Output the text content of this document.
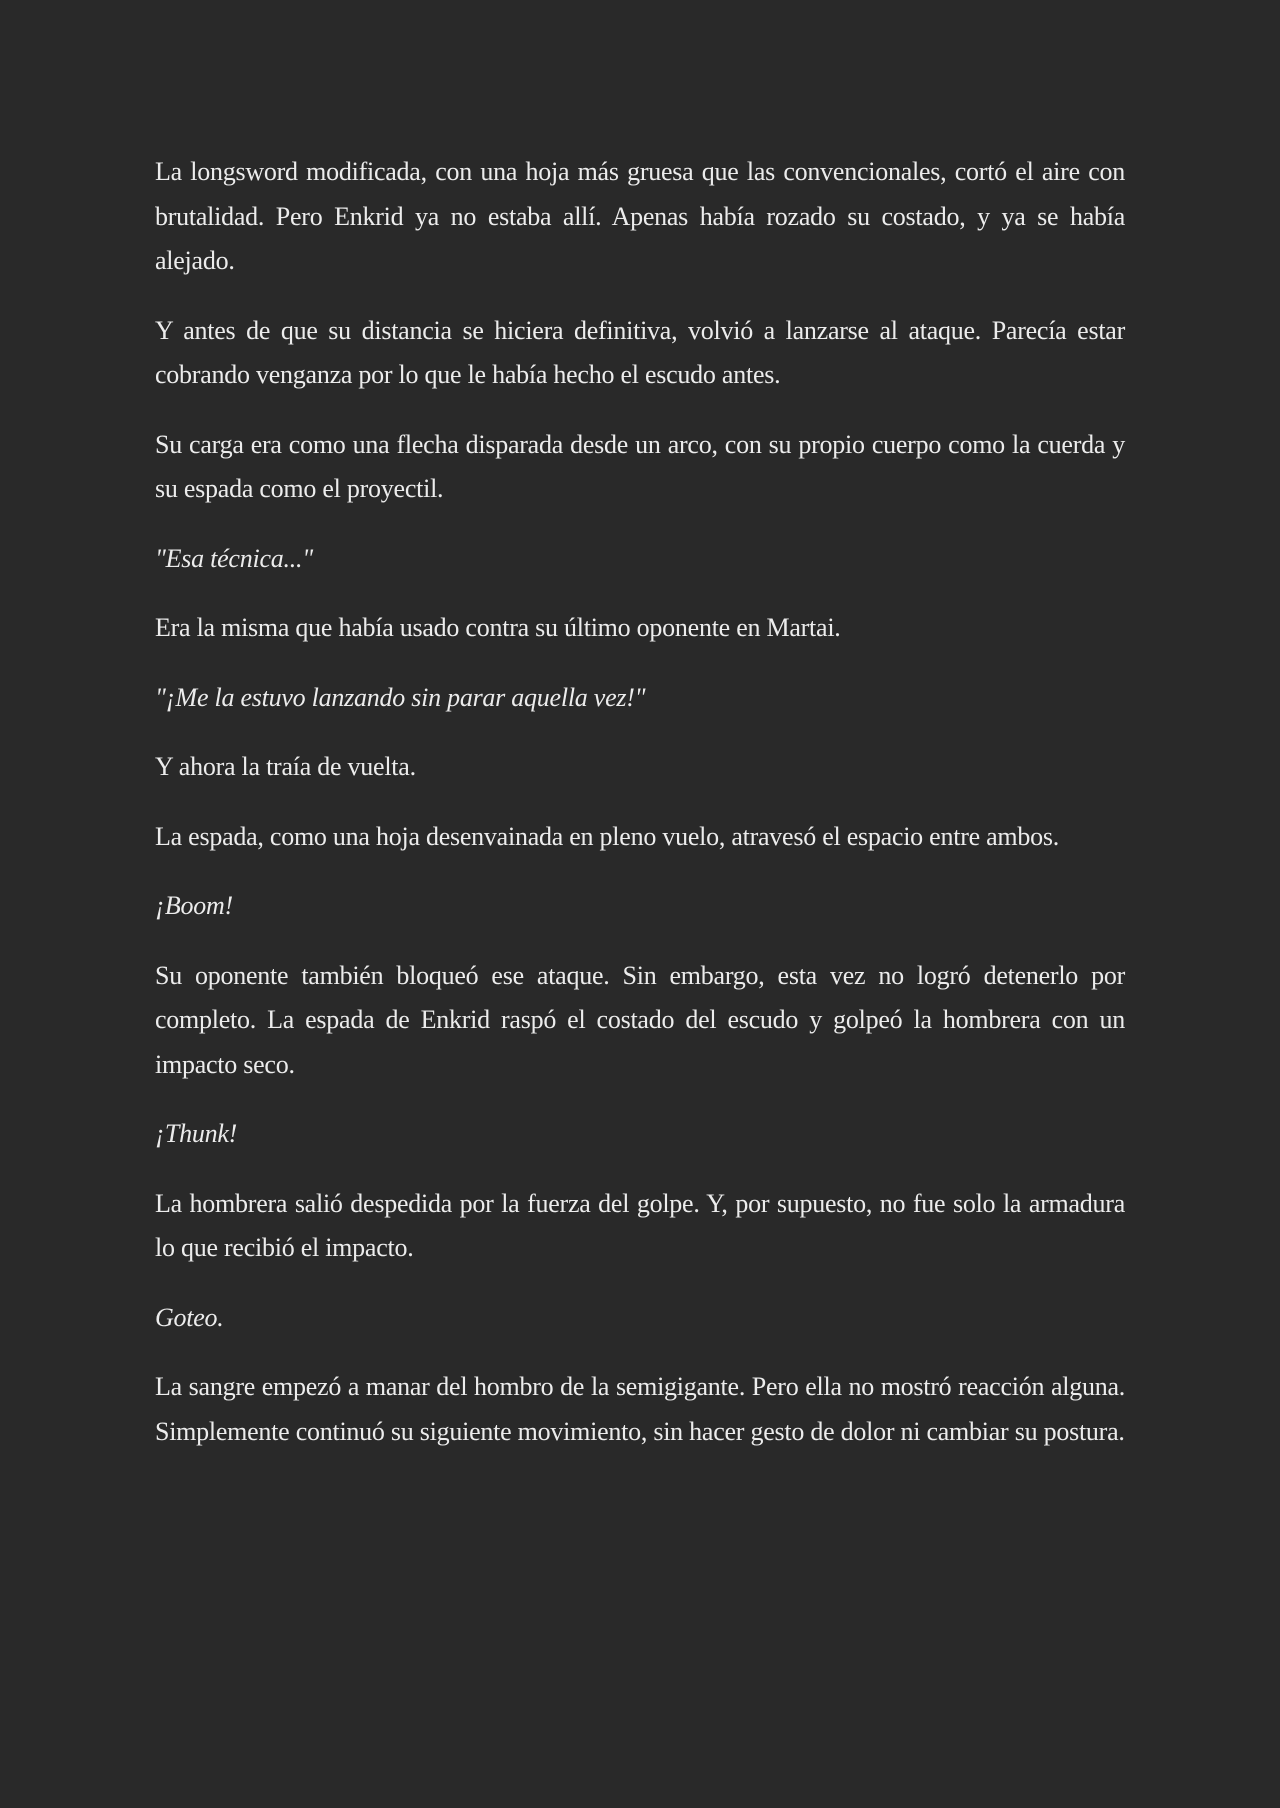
La longsword modificada, con una hoja más gruesa que las convencionales, cortó el aire con brutalidad. Pero Enkrid ya no estaba allí. Apenas había rozado su costado, y ya se había alejado.

Y antes de que su distancia se hiciera definitiva, volvió a lanzarse al ataque. Parecía estar cobrando venganza por lo que le había hecho el escudo antes.

Su carga era como una flecha disparada desde un arco, con su propio cuerpo como la cuerda y su espada como el proyectil.

"Esa técnica..."

Era la misma que había usado contra su último oponente en Martai.

"¡Me la estuvo lanzando sin parar aquella vez!"

Y ahora la traía de vuelta.

La espada, como una hoja desenvainada en pleno vuelo, atravesó el espacio entre ambos.

¡Boom!

Su oponente también bloqueó ese ataque. Sin embargo, esta vez no logró detenerlo por completo. La espada de Enkrid raspó el costado del escudo y golpeó la hombrera con un impacto seco.

¡Thunk!

La hombrera salió despedida por la fuerza del golpe. Y, por supuesto, no fue solo la armadura lo que recibió el impacto.

Goteo.

La sangre empezó a manar del hombro de la semigigante. Pero ella no mostró reacción alguna. Simplemente continuó su siguiente movimiento, sin hacer gesto de dolor ni cambiar su postura.
